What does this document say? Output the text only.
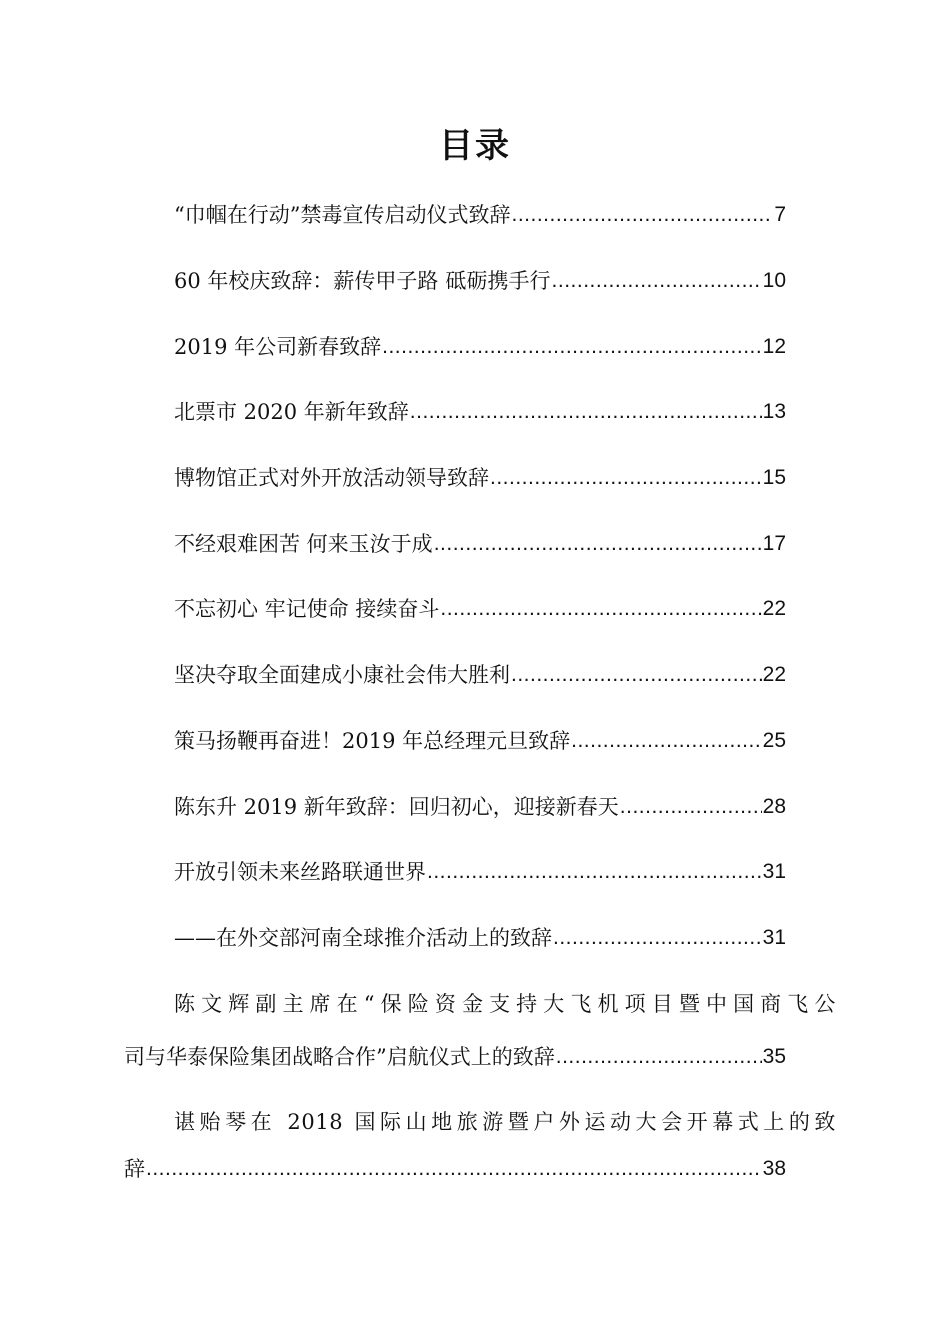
目录
“巾帼在行动”禁毒宣传启动仪式致辞 .....	7
60 年校庆致辞：薪传甲子路 砥砺携手行 .....	10
2019 年公司新春致辞 .....	12
北票市 2020 年新年致辞 .....	13
博物馆正式对外开放活动领导致辞 .....	15
不经艰难困苦 何来玉汝于成 .....	17
不忘初心 牢记使命 接续奋斗 .....	22
坚决夺取全面建成小康社会伟大胜利 .....	22
策马扬鞭再奋进！2019 年总经理元旦致辞 .....	25
陈东升 2019 新年致辞：回归初心，迎接新春天 .....	28
开放引领未来丝路联通世界 .....	31
——在外交部河南全球推介活动上的致辞 .....	31
陈文辉副主席在“保险资金支持大飞机项目暨中国商飞公
司与华泰保险集团战略合作”启航仪式上的致辞 .....	35
谌贻琴在 2018 国际山地旅游暨户外运动大会开幕式上的致
辞 .....	38
